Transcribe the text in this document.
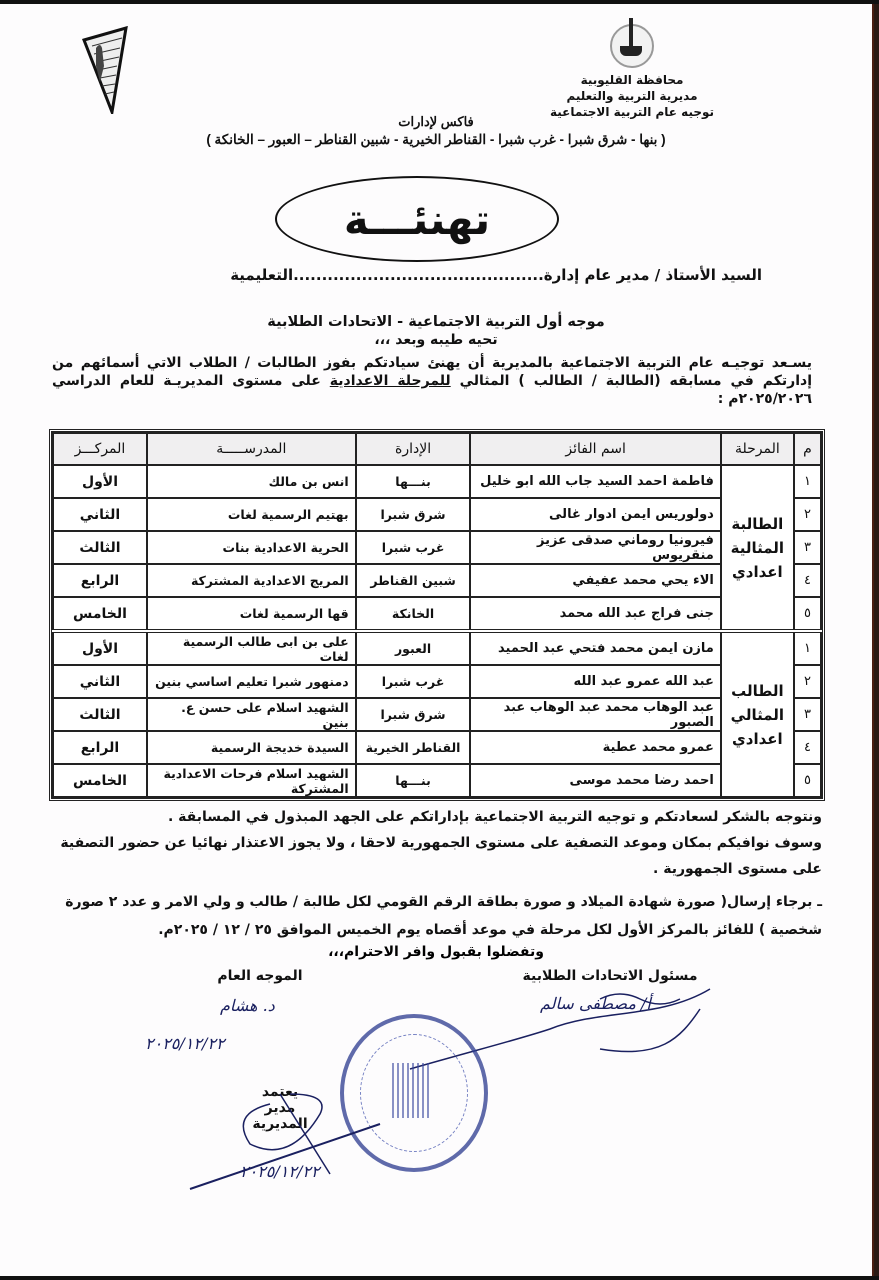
محافظة القليوبية
مديرية التربية والتعليم
توجيه عام التربية الاجتماعية
فاكس لإدارات
( بنها - شرق شبرا - غرب شبرا - القناطر الخيرية - شبين القناطر – العبور – الخانكة )
تهنئـــة
السيد الأستاذ / مدير عام إدارة............................................التعليمية
موجه أول التربية الاجتماعية - الاتحادات الطلابية
تحيه طيبه وبعد ،،،
يسـعد توجيـه عام التربية الاجتماعية بالمديرية أن يهنئ سيادتكم بفوز الطالبات / الطلاب الاتي أسمائهم من إدارتكم في مسابقه (الطالبة / الطالب ) المثالي للمرحلة الاعدادية على مستوى المديريـة للعام الدراسي ٢٠٢٥/٢٠٢٦م :
م	المرحلة	اسم الفائز	الإدارة	المدرســـــة	المركـــز
١	الطالبة
المثالية
اعدادي	فاطمة احمد السيد جاب الله ابو خليل	بنـــها	انس بن مالك	الأول
٢		دولوريس ايمن ادوار غالى	شرق شبرا	بهتيم الرسمية لغات	الثاني
٣		فيرونيا روماني صدقى عزيز منقريوس	غرب شبرا	الحرية الاعدادية بنات	الثالث
٤		الاء يحي محمد عفيفي	شبين القناطر	المريج الاعدادية المشتركة	الرابع
٥		جنى فراج عبد الله محمد	الخانكة	قها الرسمية لغات	الخامس
١	الطالب
المثالي
اعدادي	مازن ايمن محمد فتحي عبد الحميد	العبور	على بن ابى طالب الرسمية لغات	الأول
٢		عبد الله عمرو عبد الله	غرب شبرا	دمنهور شبرا تعليم اساسي بنين	الثاني
٣		عبد الوهاب محمد عبد الوهاب عبد الصبور	شرق شبرا	الشهيد اسلام على حسن ع. بنين	الثالث
٤		عمرو محمد عطية	القناطر الخيرية	السيدة خديجة الرسمية	الرابع
٥		احمد رضا محمد موسى	بنـــها	الشهيد اسلام فرحات الاعدادية المشتركة	الخامس
ونتوجه بالشكر لسعادتكم و توجيه التربية الاجتماعية بإداراتكم على الجهد المبذول في المسابقة .
وسوف نوافيكم بمكان وموعد التصفية على مستوى الجمهورية لاحقا ، ولا يجوز الاعتذار نهائيا عن حضور التصفية على مستوى الجمهورية .
ـ برجاء إرسال( صورة شهادة الميلاد و صورة بطاقة الرقم القومي لكل طالبة / طالب و ولي الامر و عدد ٢ صورة شخصية ) للفائز بالمركز الأول لكل مرحلة في موعد أقصاه يوم الخميس الموافق ٢٥ / ١٢ / ٢٠٢٥م.
وتفضلوا بقبول وافر الاحترام،،،
مسئول الاتحادات الطلابية
أ/ مصطفى سالم
الموجه العام
د. هشام
٢٠٢٥/١٢/٢٢
يعتمد
مدير المديرية
٢٠٢٥/١٢/٢٢
